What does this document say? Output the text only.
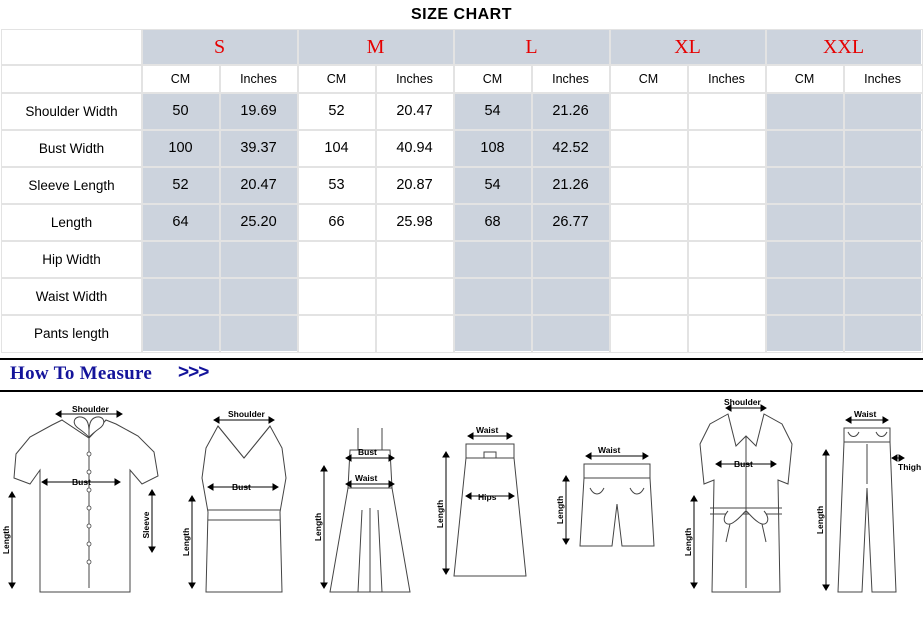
SIZE CHART
	S		M		L		XL		XXL	
	CM	Inches	CM	Inches	CM	Inches	CM	Inches	CM	Inches
Shoulder Width	50	19.69	52	20.47	54	21.26				
Bust Width	100	39.37	104	40.94	108	42.52				
Sleeve Length	52	20.47	53	20.87	54	21.26				
Length	64	25.20	66	25.98	68	26.77				
Hip Width										
Waist Width										
Pants length										
How To Measure >>>
Shoulder
Bust
Sleeve
Length
Shoulder
Bust
Length
Bust
Waist
Length
Waist
Hips
Length
Waist
Length
Shoulder
Bust
Length
Waist
Thigh
Length
